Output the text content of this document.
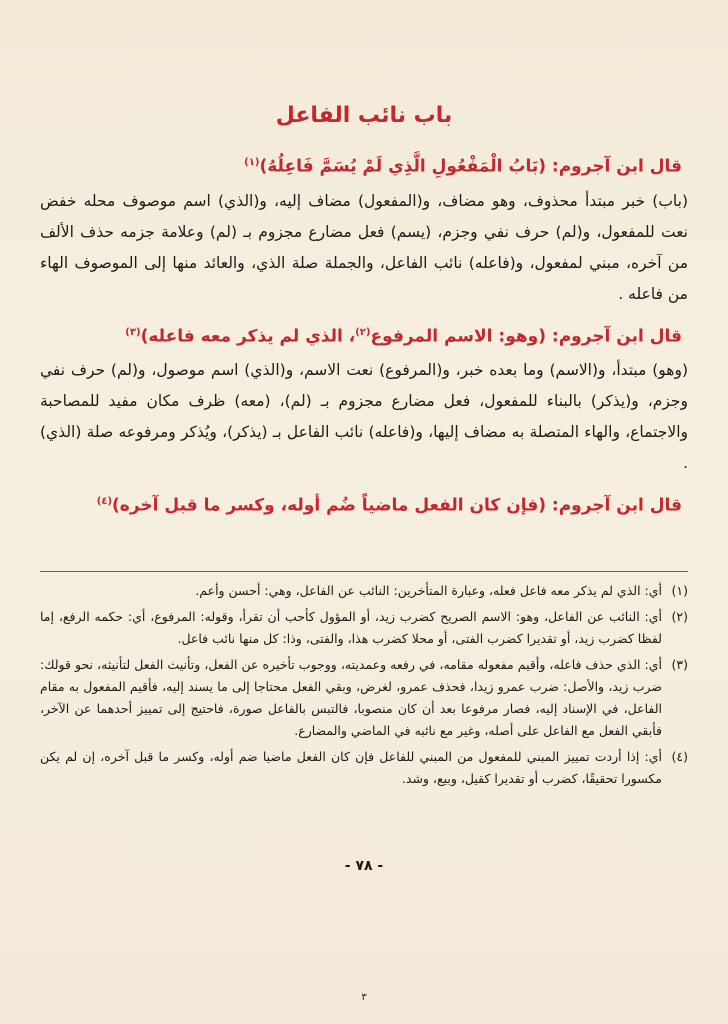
باب نائب الفاعل
قال ابن آجروم: (بَابُ الْمَفْعُولِ الَّذِي لَمْ يُسَمَّ فَاعِلُهُ)$^{(١)}$

(باب) خبر مبتدأ محذوف، وهو مضاف، و(المفعول) مضاف إليه، و(الذي) اسم موصوف محله خفض نعت للمفعول، و(لم) حرف نفي وجزم، (يسم) فعل مضارع مجزوم بـ (لم) وعلامة جزمه حذف الألف من آخره، مبني لمفعول، و(فاعله) نائب الفاعل، والجملة صلة الذي، والعائد منها إلى الموصوف الهاء من فاعله .

قال ابن آجروم: (وهو: الاسم المرفوع$^{(٢)}$، الذي لم يذكر معه فاعله)$^{(٣)}$

(وهو) مبتدأ، و(الاسم) وما بعده خبر، و(المرفوع) نعت الاسم، و(الذي) اسم موصول، و(لم) حرف نفي وجزم، و(يذكر) بالبناء للمفعول، فعل مضارع مجزوم بـ (لم)، (معه) ظرف مكان مفيد للمصاحبة والاجتماع، والهاء المتصلة به مضاف إليها، و(فاعله) نائب الفاعل بـ (يذكر)، ويُذكر ومرفوعه صلة (الذي) .

قال ابن آجروم: (فإن كان الفعل ماضياً ضُم أوله، وكسر ما قبل آخره)$^{(٤)}$
(١)
أي: الذي لم يذكر معه فاعل فعله، وعبارة المتأخرين: النائب عن الفاعل، وهي: أحسن وأعم.
(٢)
أي: النائب عن الفاعل، وهو: الاسم الصريح كضرب زيد، أو المؤول كأحب أن تقرأ، وقوله: المرفوع، أي: حكمه الرفع، إما لفظا كضرب زيد، أو تقديرا كضرب الفتى، أو محلا كضرب هذا، والفتى، وذا: كل منها نائب فاعل.
(٣)
أي: الذي حذف فاعله، وأقيم مفعوله مقامه، في رفعه وعمديته، ووجوب تأخيره عن الفعل، وتأنيث الفعل لتأنيثه، نحو قولك: ضرب زيد، والأصل: ضرب عمرو زيدا، فحذف عمرو، لغرض، وبقي الفعل محتاجا إلى ما يسند إليه، فأقيم المفعول به مقام الفاعل، في الإسناد إليه، فصار مرفوعا بعد أن كان منصوبا، فالتبس بالفاعل صورة، فاحتيج إلى تمييز أحدهما عن الآخر، فأبقي الفعل مع الفاعل على أصله، وغير مع نائبه في الماضي والمضارع.
(٤)
أي: إذا أردت تمييز المبني للمفعول من المبني للفاعل فإن كان الفعل ماضيا ضم أوله، وكسر ما قبل آخره، إن لم يكن مكسورا تحقيقًا، كضرب أو تقديرا كقيل، وبيع، وشد.
- ٧٨ -
٣
